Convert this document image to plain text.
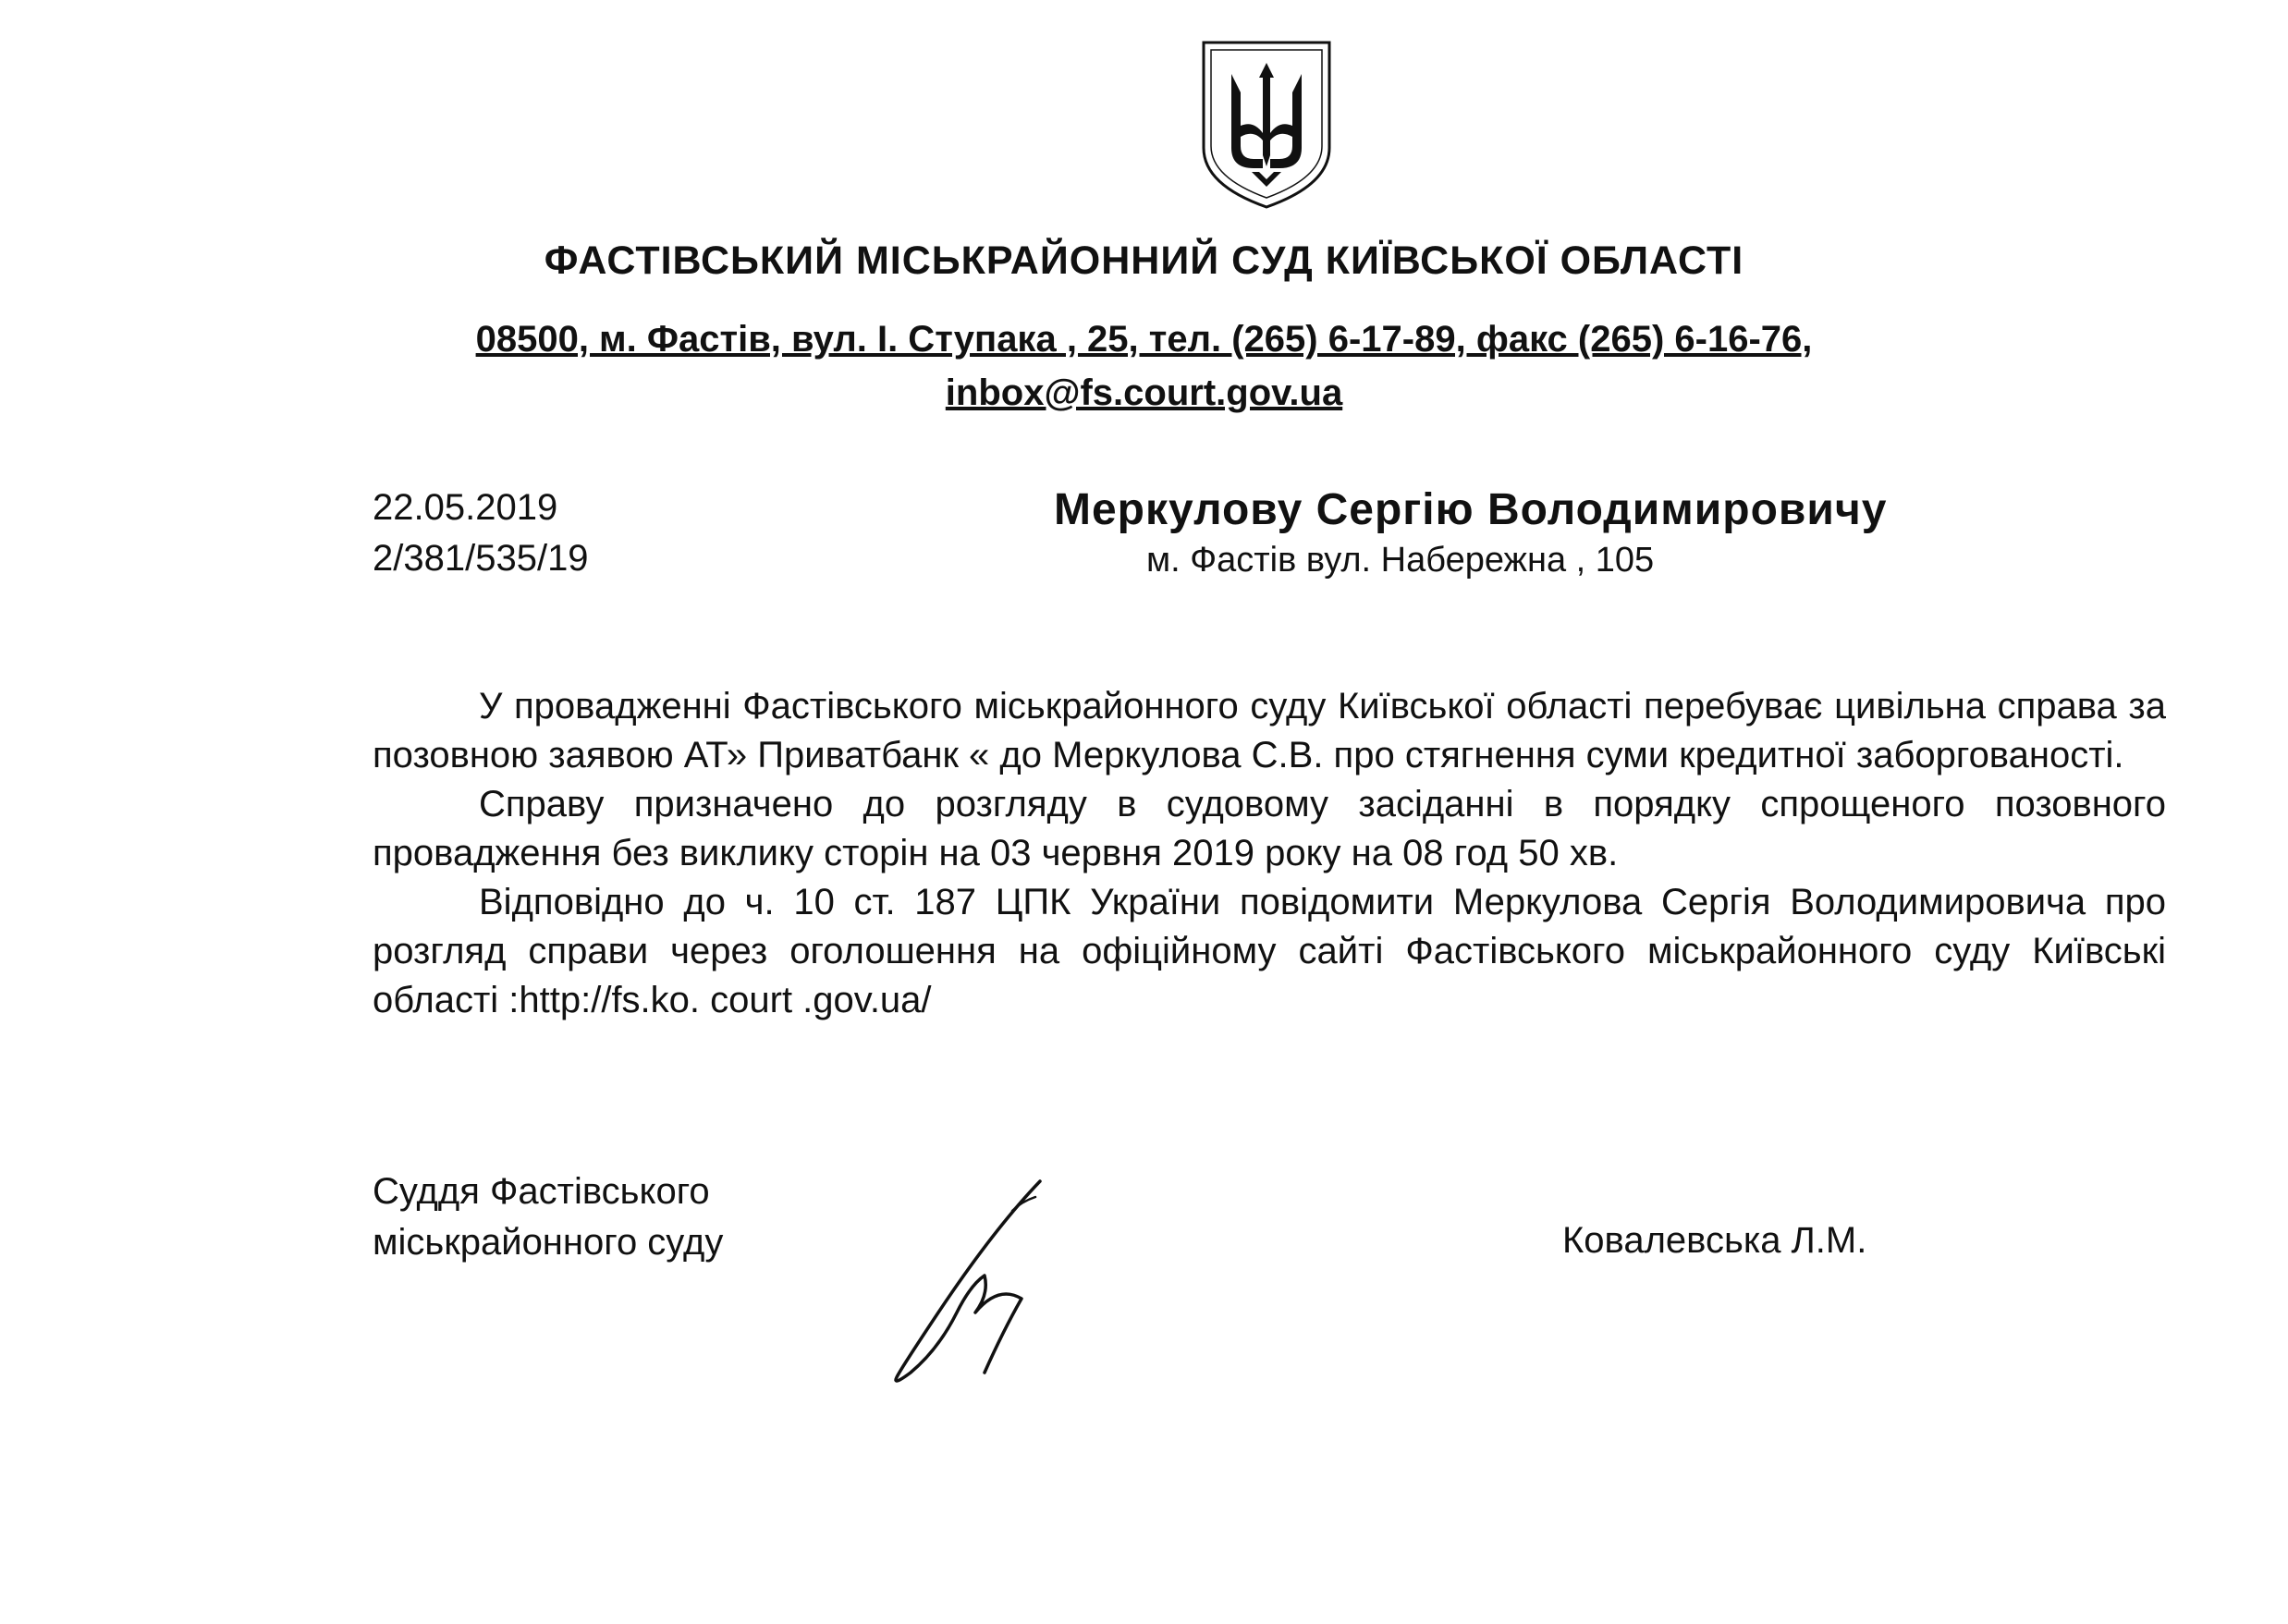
ФАСТІВСЬКИЙ МІСЬКРАЙОННИЙ СУД КИЇВСЬКОЇ ОБЛАСТІ
08500, м. Фастів, вул. І. Ступака , 25, тел. (265) 6-17-89, факс (265) 6-16-76,
inbox@fs.court.gov.ua
22.05.2019
2/381/535/19
Меркулову Сергію Володимировичу
м. Фастів вул. Набережна , 105

У провадженні Фастівського міськрайонного суду Київської області перебуває цивільна справа за позовною заявою АТ» Приватбанк « до Меркулова С.В. про стягнення суми кредитної заборгованості.

Справу призначено до розгляду в судовому засіданні в порядку спрощеного позовного провадження без виклику сторін на 03 червня 2019 року на 08 год 50 хв.

Відповідно до ч. 10 ст. 187 ЦПК України повідомити Меркулова Сергія Володимировича про розгляд справи через оголошення на офіційному сайті Фастівського міськрайонного суду Київські області :http://fs.ko. court .gov.ua/

Суддя Фастівського
міськрайонного суду	Ковалевська Л.М.
